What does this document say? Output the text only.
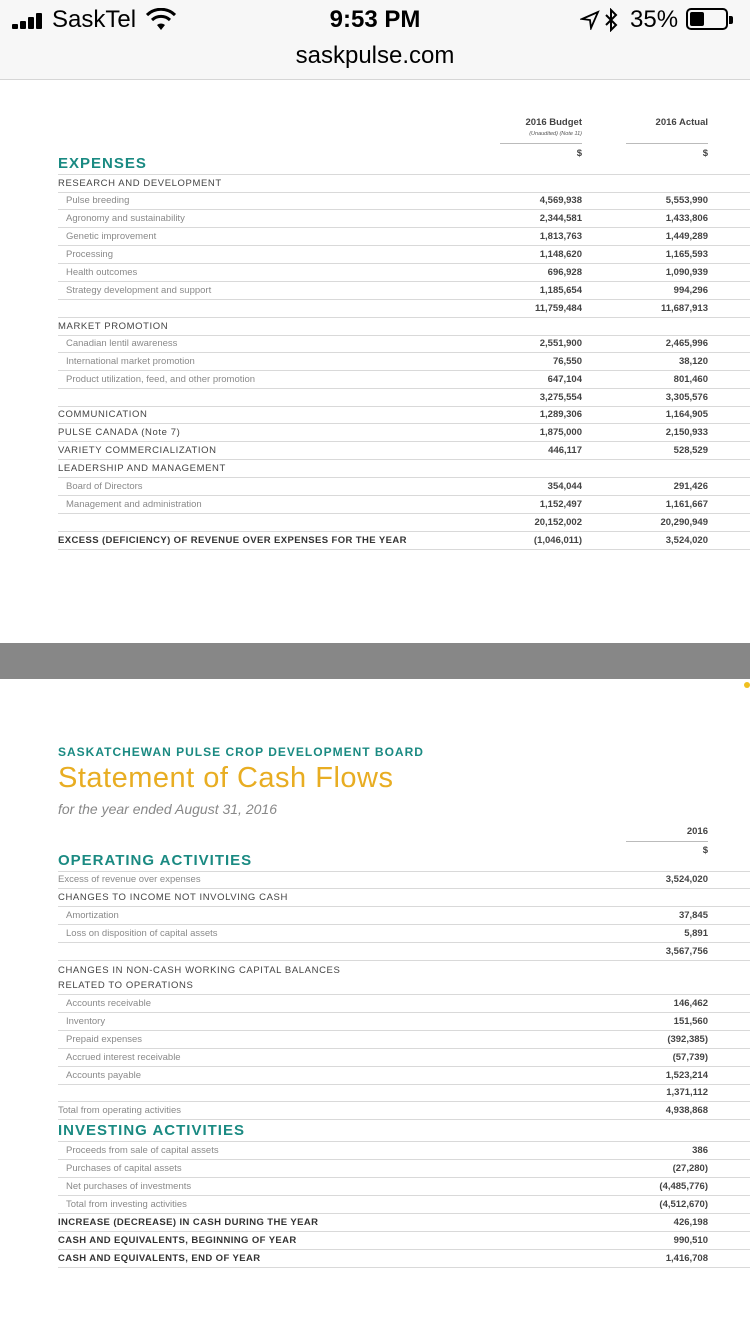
SaskTel	9:53 PM
saskpulse.com
35%
2016 Budget
(Unaudited) (Note 11)
2016 Actual
$	$
EXPENSES
RESEARCH AND DEVELOPMENT
Pulse breeding	4,569,938	5,553,990
Agronomy and sustainability	2,344,581	1,433,806
Genetic improvement	1,813,763	1,449,289
Processing	1,148,620	1,165,593
Health outcomes	696,928	1,090,939
Strategy development and support	1,185,654	994,296
11,759,484	11,687,913
MARKET PROMOTION
Canadian lentil awareness	2,551,900	2,465,996
International market promotion	76,550	38,120
Product utilization, feed, and other promotion	647,104	801,460
3,275,554	3,305,576
COMMUNICATION	1,289,306	1,164,905
PULSE CANADA (Note 7)	1,875,000	2,150,933
VARIETY COMMERCIALIZATION	446,117	528,529
LEADERSHIP AND MANAGEMENT
Board of Directors	354,044	291,426
Management and administration	1,152,497	1,161,667
20,152,002	20,290,949
EXCESS (DEFICIENCY) OF REVENUE OVER EXPENSES FOR THE YEAR	(1,046,011)	3,524,020
SASKATCHEWAN PULSE CROP DEVELOPMENT BOARD
Statement of Cash Flows
for the year ended August 31, 2016
2016
$
OPERATING ACTIVITIES
Excess of revenue over expenses	3,524,020
CHANGES TO INCOME NOT INVOLVING CASH
Amortization	37,845
Loss on disposition of capital assets	5,891
3,567,756
CHANGES IN NON-CASH WORKING CAPITAL BALANCES
RELATED TO OPERATIONS
Accounts receivable	146,462
Inventory	151,560
Prepaid expenses	(392,385)
Accrued interest receivable	(57,739)
Accounts payable	1,523,214
1,371,112
Total from operating activities	4,938,868
INVESTING ACTIVITIES
Proceeds from sale of capital assets	386
Purchases of capital assets	(27,280)
Net purchases of investments	(4,485,776)
Total from investing activities	(4,512,670)
INCREASE (DECREASE) IN CASH DURING THE YEAR	426,198
CASH AND EQUIVALENTS, BEGINNING OF YEAR	990,510
CASH AND EQUIVALENTS, END OF YEAR	1,416,708
